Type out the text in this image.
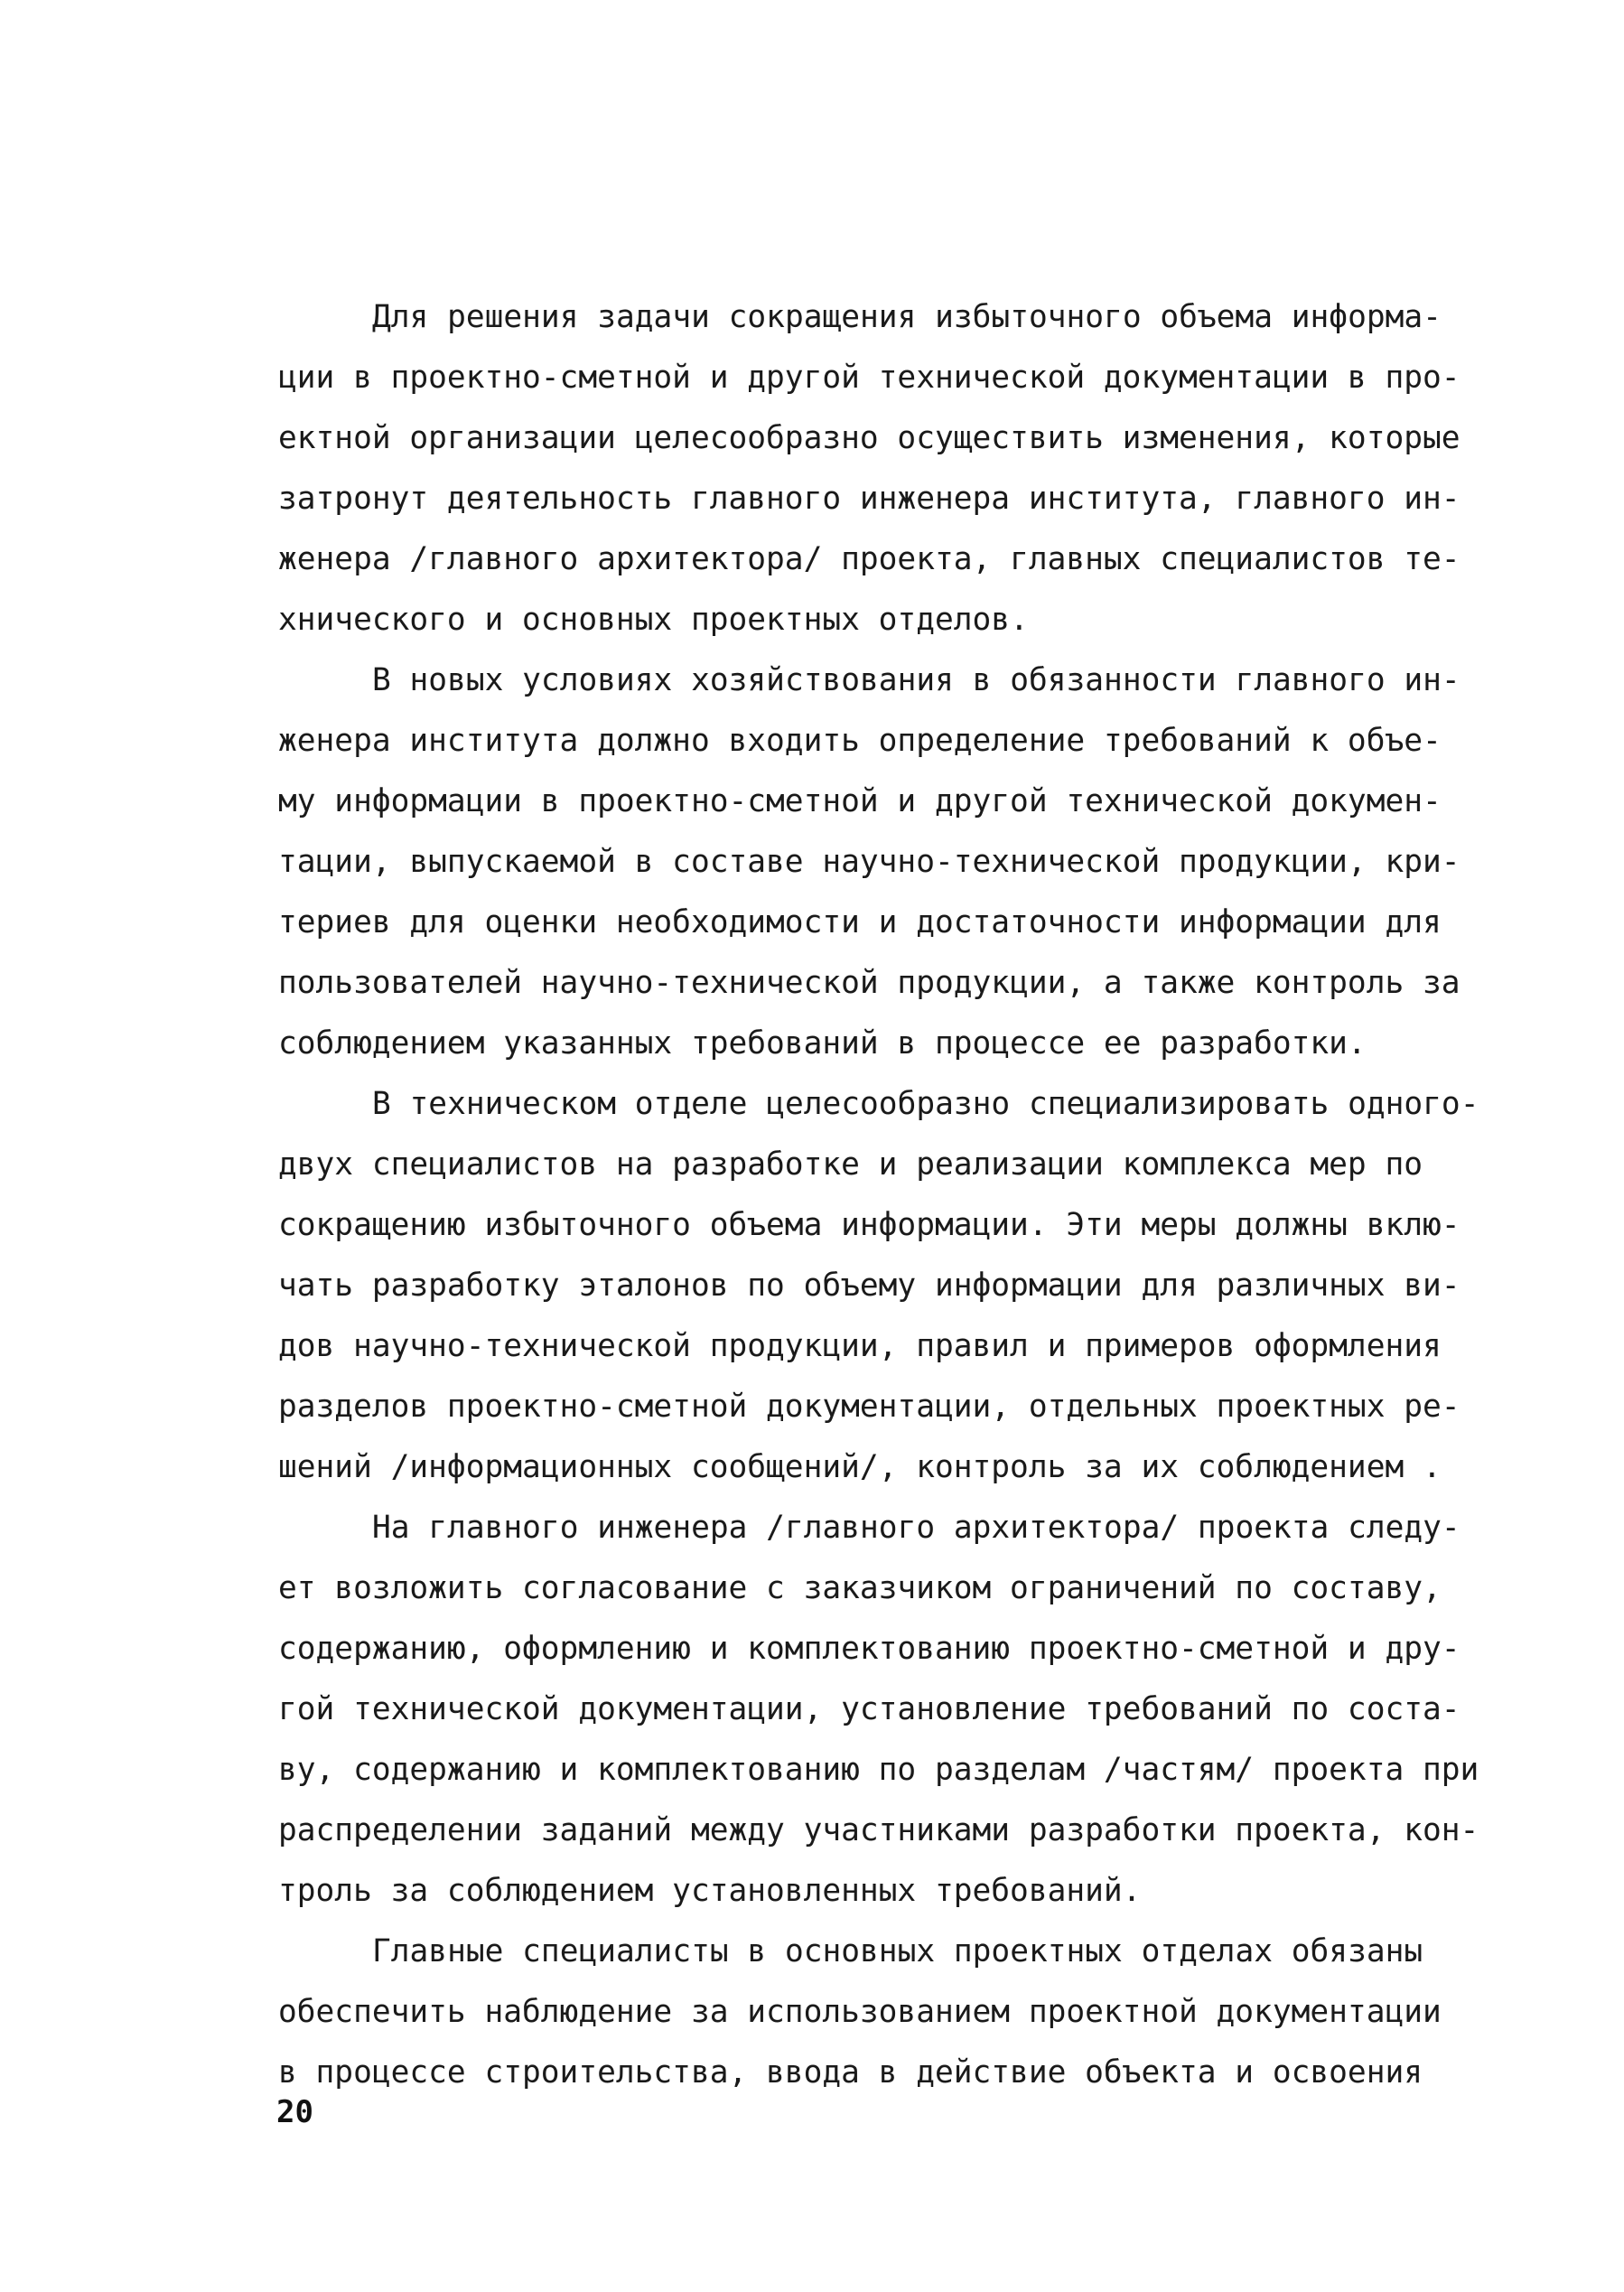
Для решения задачи сокращения избыточного объема информа-
ции в проектно-сметной и другой технической документации в про-
ектной организации целесообразно осуществить изменения, которые
затронут деятельность главного инженера института, главного ин-
женера /главного архитектора/ проекта, главных специалистов те-
хнического и основных проектных отделов.
В новых условиях хозяйствования в обязанности главного ин-
женера института должно входить определение требований к объе-
му информации в проектно-сметной и другой технической докумен-
тации, выпускаемой в составе научно-технической продукции, кри-
териев для оценки необходимости и достаточности информации для
пользователей научно-технической продукции, а также контроль за
соблюдением указанных требований в процессе ее разработки.
В техническом отделе целесообразно специализировать одного-
двух специалистов на разработке и реализации комплекса мер по
сокращению избыточного объема информации. Эти меры должны вклю-
чать разработку эталонов по объему информации для различных ви-
дов научно-технической продукции, правил и примеров оформления
разделов проектно-сметной документации, отдельных проектных ре-
шений /информационных сообщений/, контроль за их соблюдением .
На главного инженера /главного архитектора/ проекта следу-
ет возложить согласование с заказчиком ограничений по составу,
содержанию, оформлению и комплектованию проектно-сметной и дру-
гой технической документации, установление требований по соста-
ву, содержанию и комплектованию по разделам /частям/ проекта при
распределении заданий между участниками разработки проекта, кон-
троль за соблюдением установленных требований.
Главные специалисты в основных проектных отделах обязаны
обеспечить наблюдение за использованием проектной документации
в процессе строительства, ввода в действие объекта и освоения
20
